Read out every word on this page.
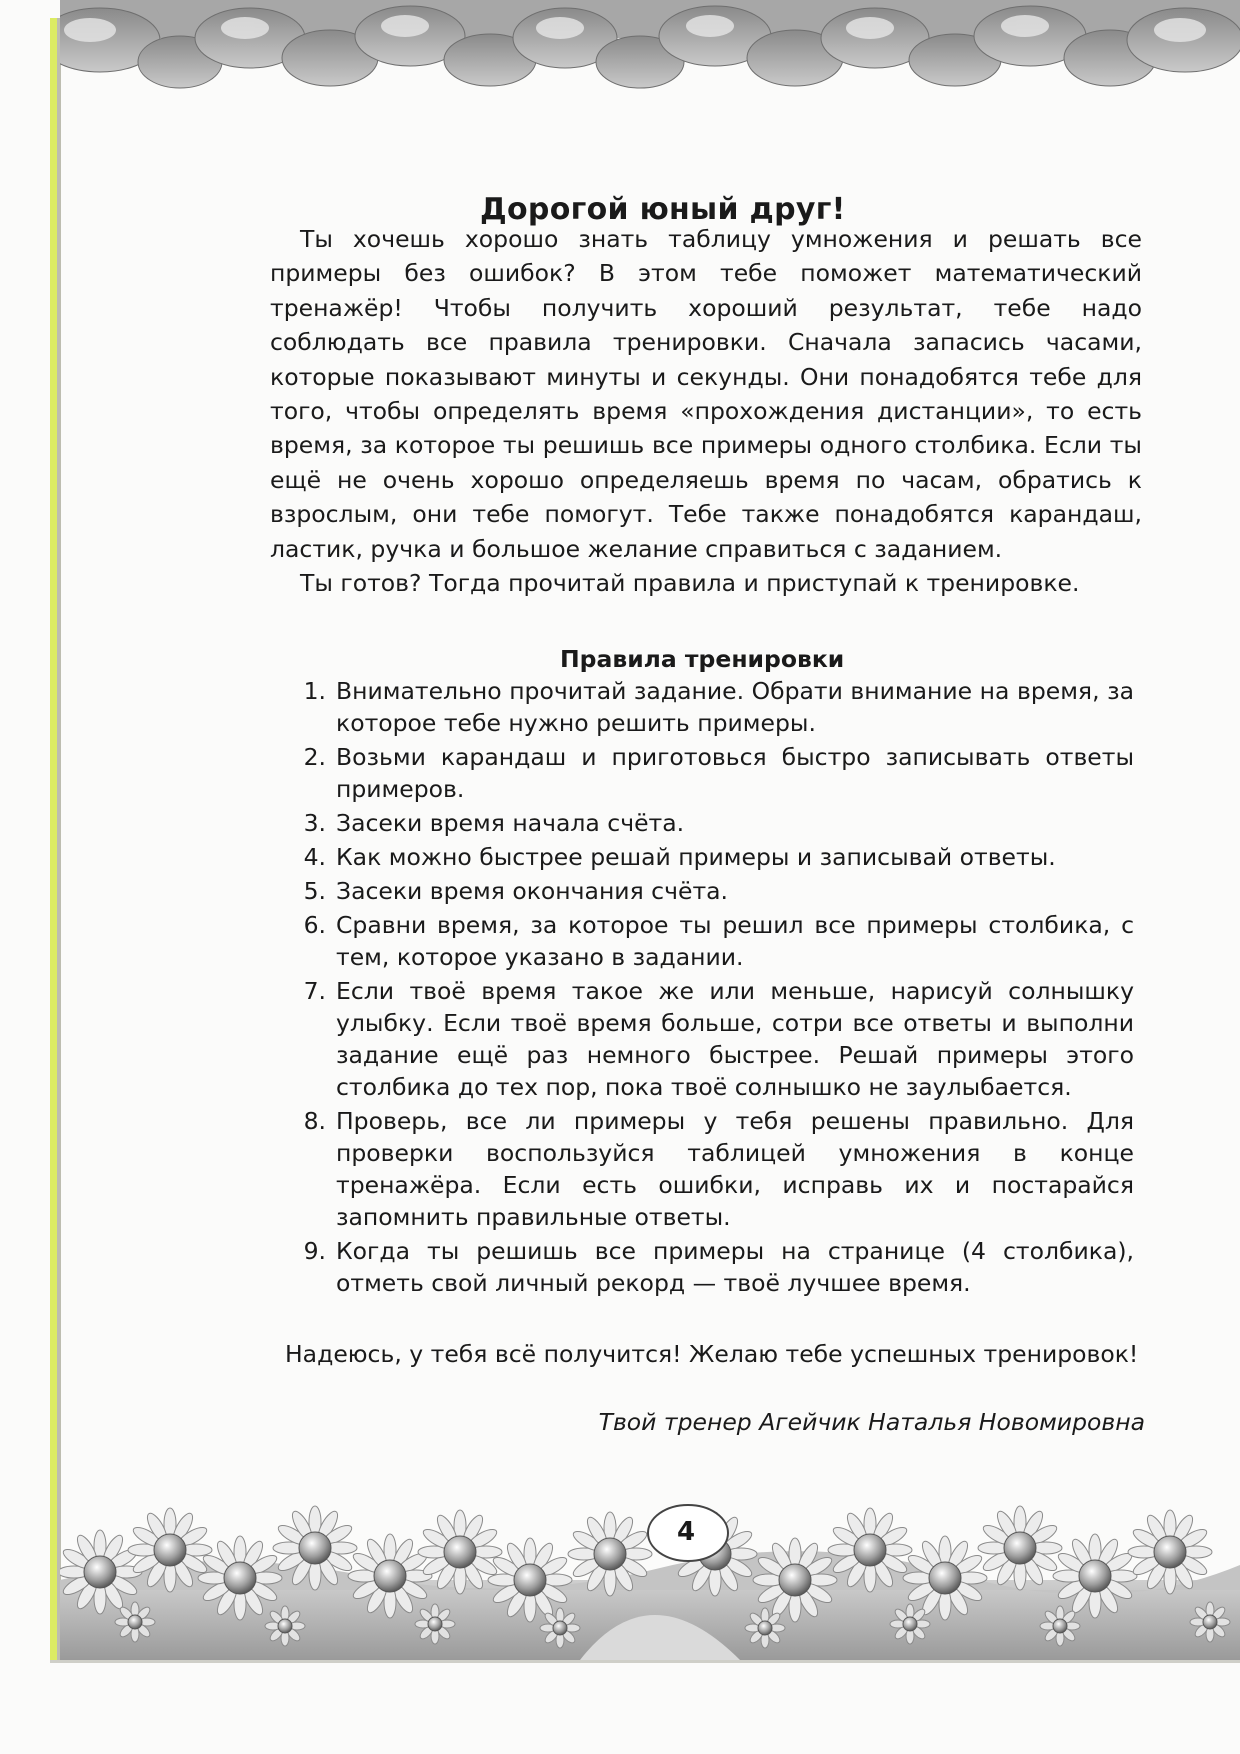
Дорогой юный друг!

Ты хочешь хорошо знать таблицу умножения и решать все примеры без ошибок? В этом тебе поможет математический тренажёр! Чтобы получить хороший результат, тебе надо соблюдать все правила тренировки. Сначала запасись часами, которые показывают минуты и секунды. Они понадобятся тебе для того, чтобы определять время «прохождения дистанции», то есть время, за которое ты решишь все примеры одного столбика. Если ты ещё не очень хорошо определяешь время по часам, обратись к взрослым, они тебе помогут. Тебе также понадобятся карандаш, ластик, ручка и большое желание справиться с заданием.

Ты готов? Тогда прочитай правила и приступай к тренировке.

Правила тренировки
1. Внимательно прочитай задание. Обрати внимание на время, за которое тебе нужно решить примеры.
2. Возьми карандаш и приготовься быстро записывать ответы примеров.
3. Засеки время начала счёта.
4. Как можно быстрее решай примеры и записывай ответы.
5. Засеки время окончания счёта.
6. Сравни время, за которое ты решил все примеры столбика, с тем, которое указано в задании.
7. Если твоё время такое же или меньше, нарисуй солнышку улыбку. Если твоё время больше, сотри все ответы и выполни задание ещё раз немного быстрее. Решай примеры этого столбика до тех пор, пока твоё солнышко не заулыбается.
8. Проверь, все ли примеры у тебя решены правильно. Для проверки воспользуйся таблицей умножения в конце тренажёра. Если есть ошибки, исправь их и постарайся запомнить правильные ответы.
9. Когда ты решишь все примеры на странице (4 столбика), отметь свой личный рекорд — твоё лучшее время.
Надеюсь, у тебя всё получится! Желаю тебе успешных тренировок!
Твой тренер Агейчик Наталья Новомировна
4
